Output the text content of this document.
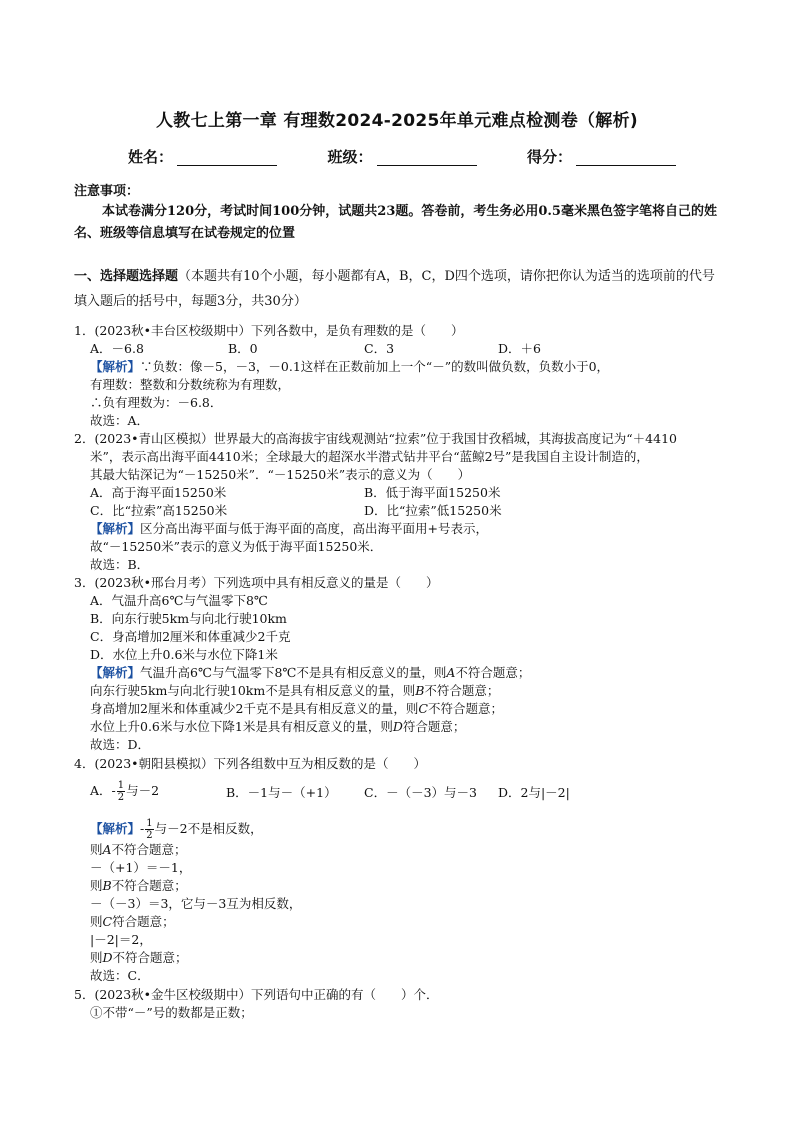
人教七上第一章 有理数2024-2025年单元难点检测卷（解析)
姓名：	班级：	得分：
注意事项：
本试卷满分120分，考试时间100分钟，试题共23题。答卷前，考生务必用0.5毫米黑色签字笔将自己的姓名、班级等信息填写在试卷规定的位置
一、选择题选择题（本题共有10个小题，每小题都有A，B，C，D四个选项，请你把你认为适当的选项前的代号填入题后的括号中，每题3分，共30分）
1．(2023秋•丰台区校级期中）下列各数中，是负有理数的是（　　）
A．－6.8	B．0	C．3	D．＋6
【解析】∵负数：像－5，－3，－0.1这样在正数前加上一个“－”的数叫做负数，负数小于0，
有理数：整数和分数统称为有理数，
∴负有理数为：－6.8．
故选：A．
2．(2023•青山区模拟）世界最大的高海拔宇宙线观测站“拉索”位于我国甘孜稻城，其海拔高度记为“＋4410
米”，表示高出海平面4410米；全球最大的超深水半潜式钻井平台“蓝鲸2号”是我国自主设计制造的，
其最大钻深记为“－15250米”．“－15250米”表示的意义为（　　）
A．高于海平面15250米	B．低于海平面15250米
C．比“拉索”高15250米	D．比“拉索”低15250米
【解析】区分高出海平面与低于海平面的高度，高出海平面用+号表示，
故“－15250米”表示的意义为低于海平面15250米．
故选：B．
3．(2023秋•邢台月考）下列选项中具有相反意义的量是（　　）
A．气温升高6℃与气温零下8℃
B．向东行驶5km与向北行驶10km
C．身高增加2厘米和体重减少2千克
D．水位上升0.6米与水位下降1米
【解析】气温升高6℃与气温零下8℃不是具有相反意义的量，则A不符合题意；
向东行驶5km与向北行驶10km不是具有相反意义的量，则B不符合题意；
身高增加2厘米和体重减少2千克不是具有相反意义的量，则C不符合题意；
水位上升0.6米与水位下降1米是具有相反意义的量，则D符合题意；
故选：D．
4．(2023•朝阳县模拟）下列各组数中互为相反数的是（　　）
A．- $\frac{1}{2}$ 与－2	B．－1与－（+1） C．－（－3）与－3 D．2与|－2|
【解析】- $\frac{1}{2}$ 与－2不是相反数，
则A不符合题意；
－（+1）＝－1，
则B不符合题意；
－（－3）＝3，它与－3互为相反数，
则C符合题意；
|－2|＝2，
则D不符合题意；
故选：C．
5．(2023秋•金牛区校级期中）下列语句中正确的有（　　）个．
①不带“－”号的数都是正数；
